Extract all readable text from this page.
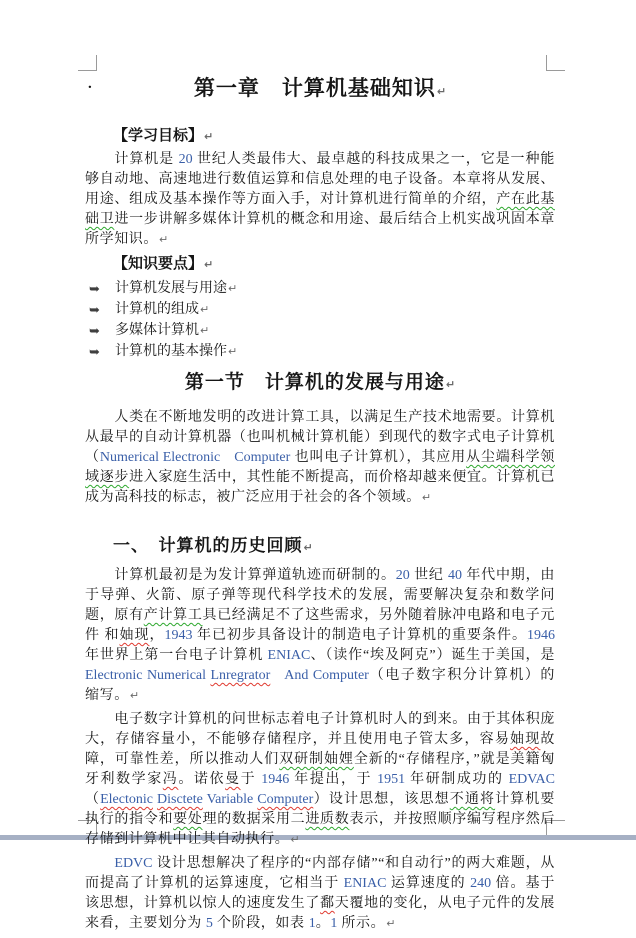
.	第一章　计算机基础知识↵
【学习目标】↵
计算机是 20 世纪人类最伟大、最卓越的科技成果之一，它是一种能够自动地、高速地进行数值运算和信息处理的电子设备。本章将从发展、用途、组成及基本操作等方面入手，对计算机进行简单的介绍，产在此基础卫进一步讲解多媒体计算机的概念和用途、最后结合上机实战巩固本章所学知识。↵
【知识要点】↵
➥ 计算机发展与用途↵
➥ 计算机的组成↵
➥ 多媒体计算机↵
➥ 计算机的基本操作↵
第一节　计算机的发展与用途↵
人类在不断地发明的改进计算工具，以满足生产技术地需要。计算机从最早的自动计算机器（也叫机械计算机能）到现代的数字式电子计算机（Numerical Electronic Computer 也叫电子计算机），其应用从尘端科学领域逐步进入家庭生活中，其性能不断提高，而价格却越来便宜。计算机已成为高科技的标志，被广泛应用于社会的各个领域。↵
一、 计算机的历史回顾↵
计算机最初是为发计算弹道轨迹而研制的。20 世纪 40 年代中期，由于导弹、火箭、原子弹等现代科学技术的发展，需要解决复杂和数学问题，原有产计算工具已经满足不了这些需求，另外随着脉冲电路和电子元件 和妯现，1943 年已初步具备设计的制造电子计算机的重要条件。1946 年世界上第一台电子计算机 ENIAC、（读作“埃及阿克”）诞生于美国，是 Electronic Numerical Lnregrator And Computer（电子数字积分计算机）的缩写。↵
电子数字计算机的问世标志着电子计算机时人的到来。由于其体积庞大，存储容量小，不能够存储程序，并且使用电子管太多，容易妯现故障，可靠性差，所以推动人们双研制妯娌全新的“存储程序，”就是美籍匈牙利数学家冯。诺依曼于 1946 年提出，于 1951 年研制成功的 EDVAC（Electonic Disctete Variable Computer）设计思想，该思想不通将计算机要执行的指令和要处理的数据采用二进质数表示，并按照顺序编写程序然后存储到计算机中让其自动执行。↵
EDVC 设计思想解决了程序的“内部存储”“和自动行”的两大难题，从而提高了计算机的运算速度，它相当于 ENIAC 运算速度的 240 倍。基于该思想，计算机以惊人的速度发生了鄱天覆地的变化，从电子元件的发展来看，主要划分为 5 个阶段，如表 1。1 所示。↵
